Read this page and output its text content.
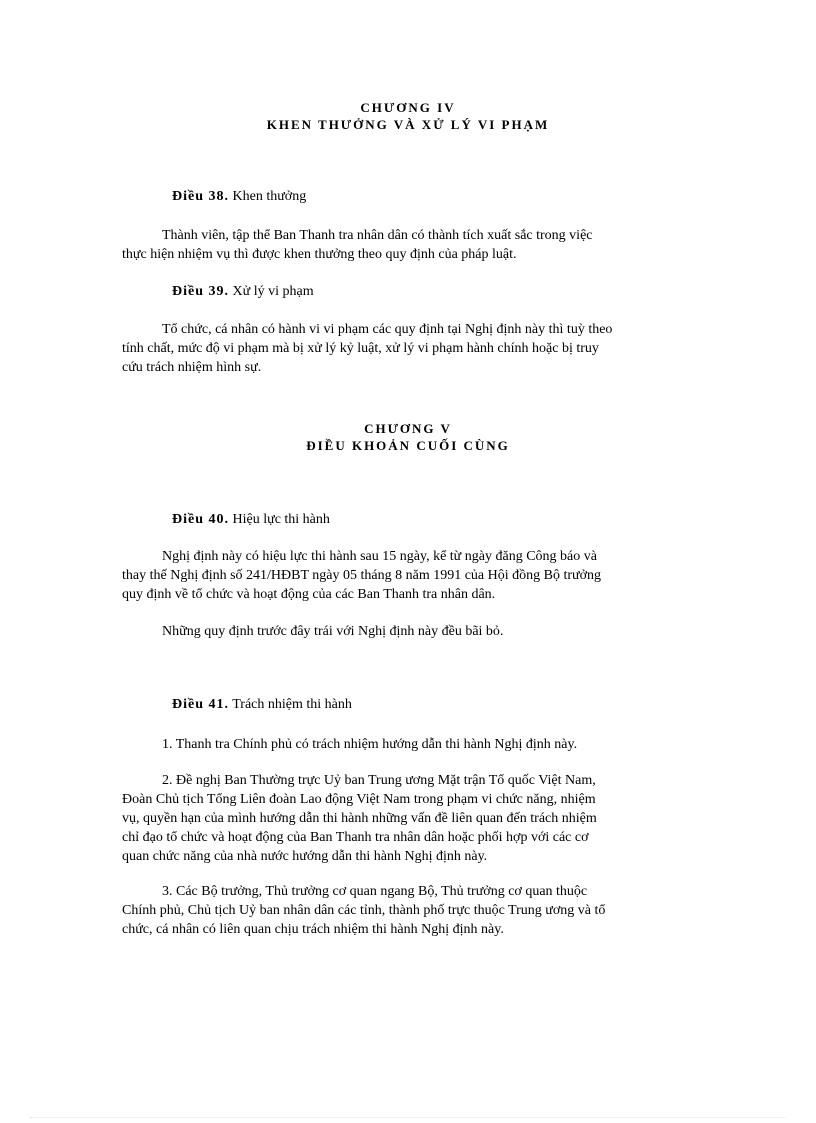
CHƯƠNG IV
KHEN THƯỞNG VÀ XỬ LÝ VI PHẠM
Điều 38. Khen thưởng
Thành viên, tập thể Ban Thanh tra nhân dân có thành tích xuất sắc trong việc
thực hiện nhiệm vụ thì được khen thưởng theo quy định của pháp luật.
Điều 39. Xử lý vi phạm
Tổ chức, cá nhân có hành vi vi phạm các quy định tại Nghị định này thì tuỳ theo
tính chất, mức độ vi phạm mà bị xử lý kỷ luật, xử lý vi phạm hành chính hoặc bị truy
cứu trách nhiệm hình sự.
CHƯƠNG V
ĐIỀU KHOẢN CUỐI CÙNG
Điều 40. Hiệu lực thi hành
Nghị định này có hiệu lực thi hành sau 15 ngày, kể từ ngày đăng Công báo và
thay thế Nghị định số 241/HĐBT ngày 05 tháng 8 năm 1991 của Hội đồng Bộ trưởng
quy định về tổ chức và hoạt động của các Ban Thanh tra nhân dân.
Những quy định trước đây trái với Nghị định này đều bãi bỏ.
Điều 41. Trách nhiệm thi hành
1. Thanh tra Chính phủ có trách nhiệm hướng dẫn thi hành Nghị định này.
2. Đề nghị Ban Thường trực Uỷ ban Trung ương Mặt trận Tổ quốc Việt Nam,
Đoàn Chủ tịch Tổng Liên đoàn Lao động Việt Nam trong phạm vi chức năng, nhiệm
vụ, quyền hạn của mình hướng dẫn thi hành những vấn đề liên quan đến trách nhiệm
chỉ đạo tổ chức và hoạt động của Ban Thanh tra nhân dân hoặc phối hợp với các cơ
quan chức năng của nhà nước hướng dẫn thi hành Nghị định này.
3. Các Bộ trưởng, Thủ trưởng cơ quan ngang Bộ, Thủ trưởng cơ quan thuộc
Chính phủ, Chủ tịch Uỷ ban nhân dân các tỉnh, thành phố trực thuộc Trung ương và tổ
chức, cá nhân có liên quan chịu trách nhiệm thi hành Nghị định này.
